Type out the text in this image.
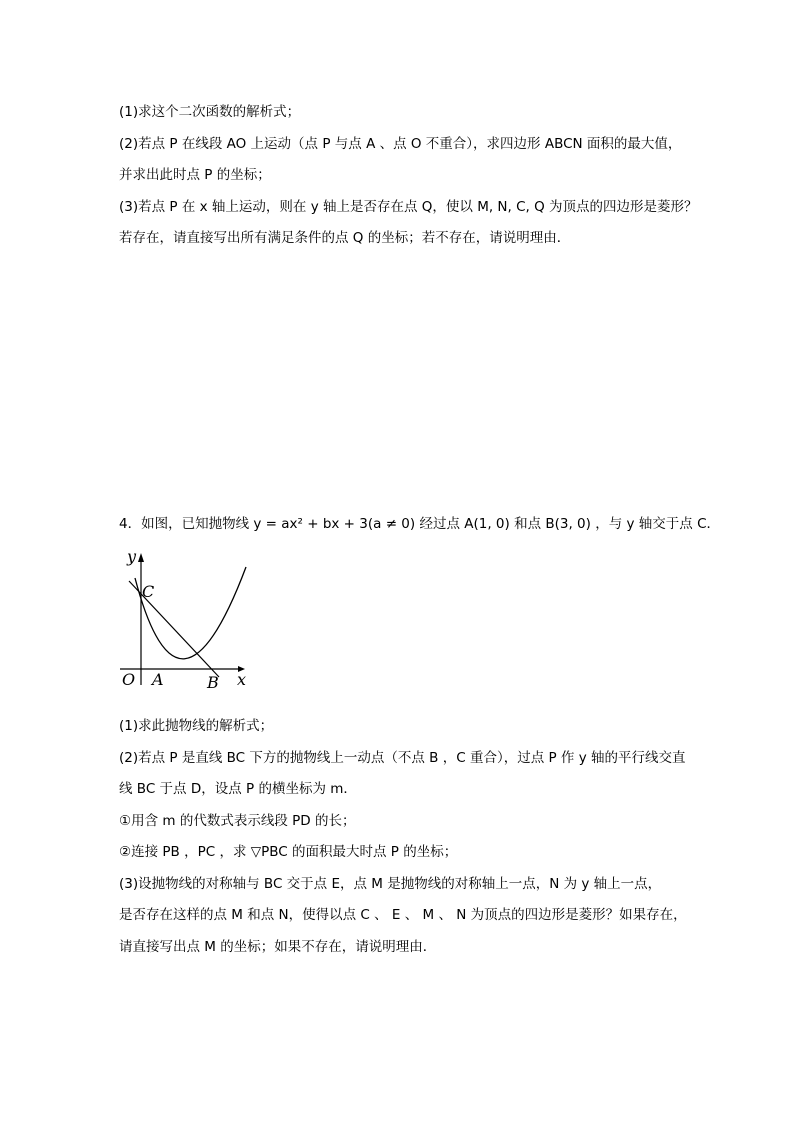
(1)求这个二次函数的解析式；
(2)若点 P 在线段 AO 上运动（点 P 与点 A 、点 O 不重合），求四边形 ABCN 面积的最大值，
并求出此时点 P 的坐标；
(3)若点 P 在 x 轴上运动，则在 y 轴上是否存在点 Q，使以 M, N, C, Q 为顶点的四边形是菱形？
若存在，请直接写出所有满足条件的点 Q 的坐标；若不存在，请说明理由．
4．如图，已知抛物线 y = ax² + bx + 3(a ≠ 0) 经过点 A(1, 0) 和点 B(3, 0) ，与 y 轴交于点 C．
y
x
O A	B
C
(1)求此抛物线的解析式；
(2)若点 P 是直线 BC 下方的抛物线上一动点（不点 B ，C 重合），过点 P 作 y 轴的平行线交直
线 BC 于点 D，设点 P 的横坐标为 m．
①用含 m 的代数式表示线段 PD 的长；
②连接 PB ，PC ，求 ▽PBC 的面积最大时点 P 的坐标；
(3)设抛物线的对称轴与 BC 交于点 E，点 M 是抛物线的对称轴上一点，N 为 y 轴上一点，
是否存在这样的点 M 和点 N，使得以点 C 、 E 、 M 、 N 为顶点的四边形是菱形？如果存在，
请直接写出点 M 的坐标；如果不存在，请说明理由．
